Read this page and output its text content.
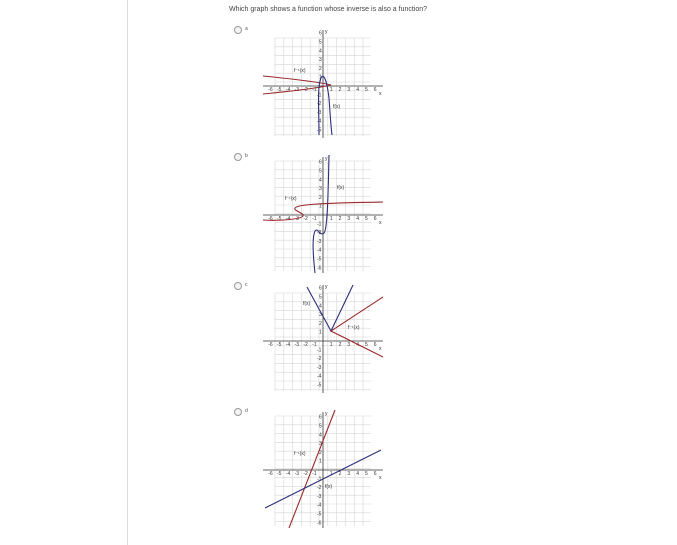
Which graph shows a function whose inverse is also a function?
a
-6 -5 -4 -3 -2 -1	1 2 3 4 5 6
-5
-4
-3
-2
-1
1
2
3
4
5
6 y
x
f⁻¹(x)
f(x)
b
-6 -5 -4 -3 -2 -1	1 2 3 4 5 6
-6
-5
-4
-3
-2
-1
1
2
3
4
5
6
y
x
f⁻¹(x)
f(x)
c
-6 -5 -4 -3 -2 -1	1 2 3 4 5 6
-5
-4
-3
-2
-1
1
2
3
4
5
6 y
x
f(x)
f⁻¹(x)
d
-6 -5 -4 -3 -2 -1	1 2 3 4 5 6
-6
-5
-4
-3
-2
-1
1
2
3
4
5
6
y
x
f⁻¹(x)
f(x)
